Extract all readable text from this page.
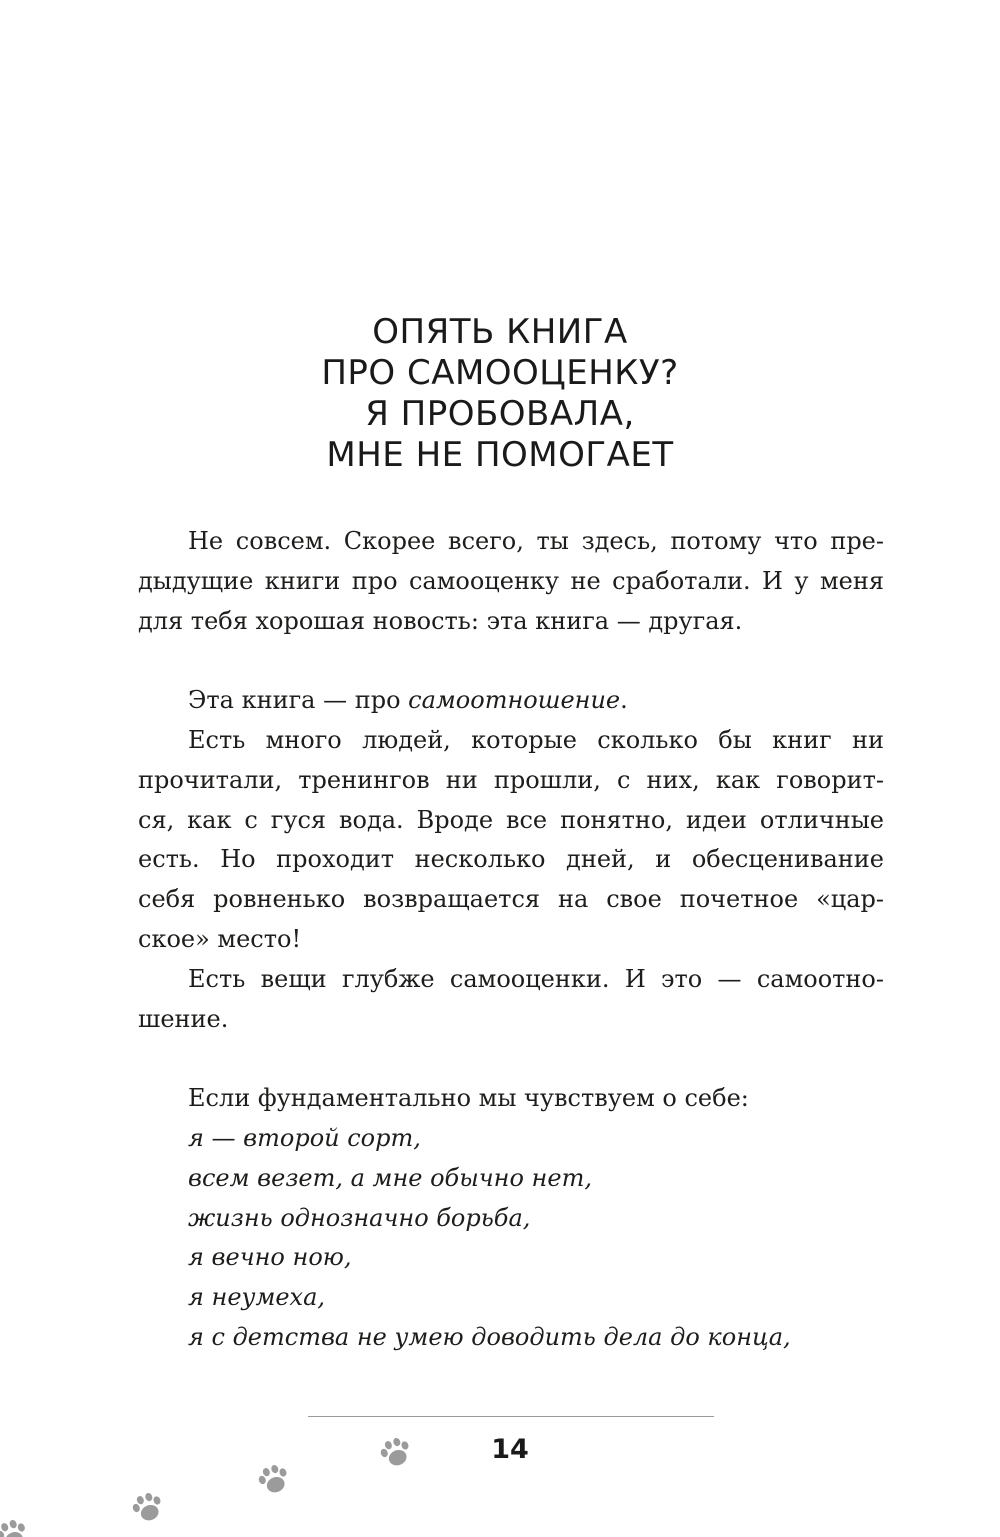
ОПЯТЬ КНИГА
ПРО САМООЦЕНКУ?
Я ПРОБОВАЛА,
МНЕ НЕ ПОМОГАЕТ
Не совсем. Скорее всего, ты здесь, потому что пре-
дыдущие книги про самооценку не сработали. И у меня
для тебя хорошая новость: эта книга — другая.
Эта книга — про самоотношение.
Есть много людей, которые сколько бы книг ни
прочитали, тренингов ни прошли, с них, как говорит-
ся, как с гуся вода. Вроде все понятно, идеи отличные
есть. Но проходит несколько дней, и обесценивание
себя ровненько возвращается на свое почетное «цар-
ское» место!
Есть вещи глубже самооценки. И это — самоотно-
шение.
Если фундаментально мы чувствуем о себе:
я — второй сорт,
всем везет, а мне обычно нет,
жизнь однозначно борьба,
я вечно ною,
я неумеха,
я с детства не умею доводить дела до конца,
14
